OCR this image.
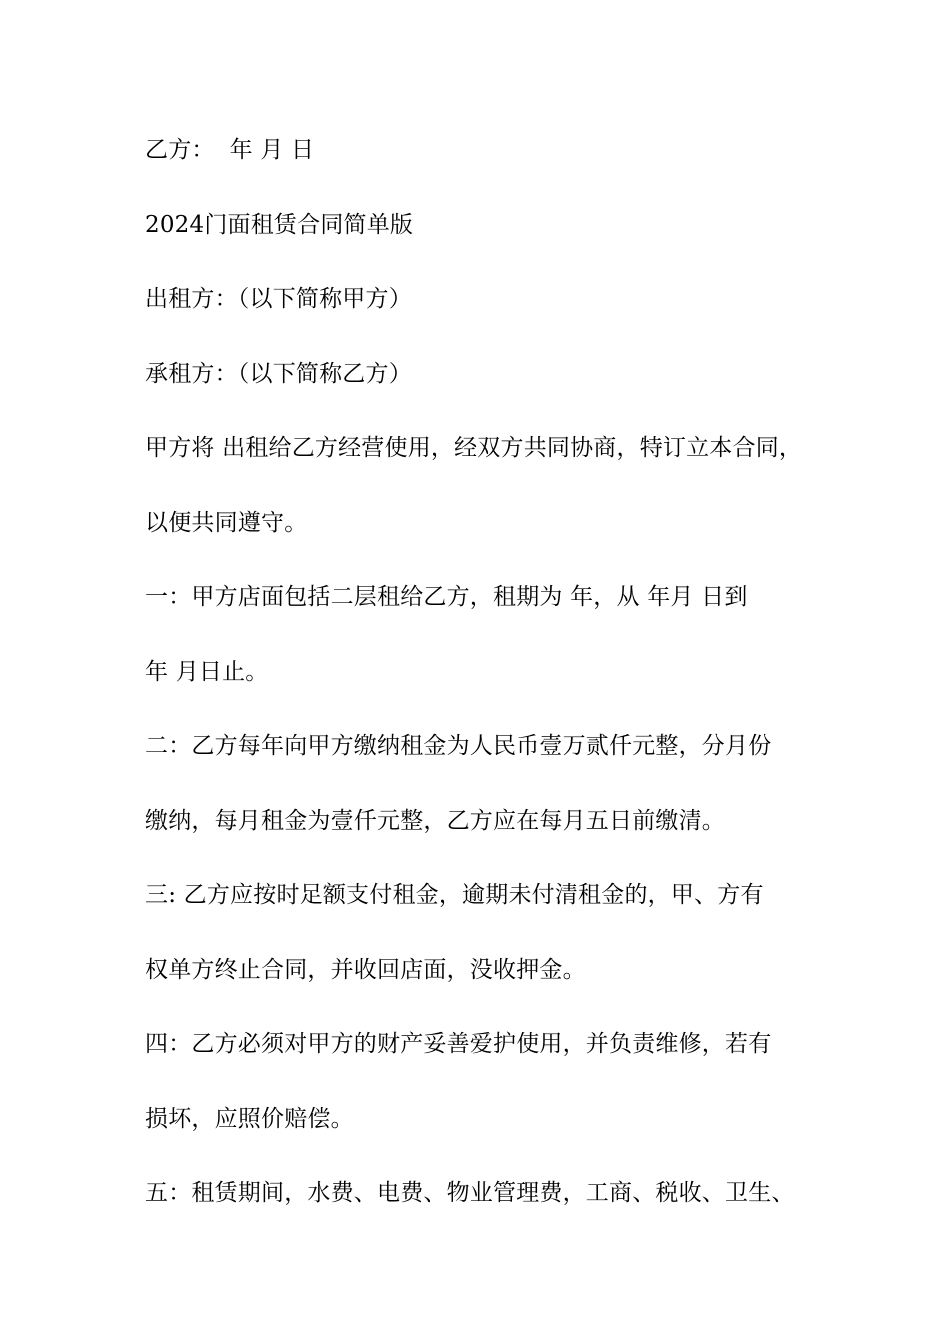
乙方：  年 月 日
2024门面租赁合同简单版
出租方：（以下简称甲方）
承租方：（以下简称乙方）
甲方将 出租给乙方经营使用，经双方共同协商，特订立本合同，
以便共同遵守。
一：甲方店面包括二层租给乙方，租期为 年，从 年月 日到
年 月日止。
二：乙方每年向甲方缴纳租金为人民币壹万贰仟元整，分月份
缴纳，每月租金为壹仟元整，乙方应在每月五日前缴清。
三: 乙方应按时足额支付租金，逾期未付清租金的，甲、方有
权单方终止合同，并收回店面，没收押金。
四：乙方必须对甲方的财产妥善爱护使用，并负责维修，若有
损坏，应照价赔偿。
五：租赁期间，水费、电费、物业管理费，工商、税收、卫生、
